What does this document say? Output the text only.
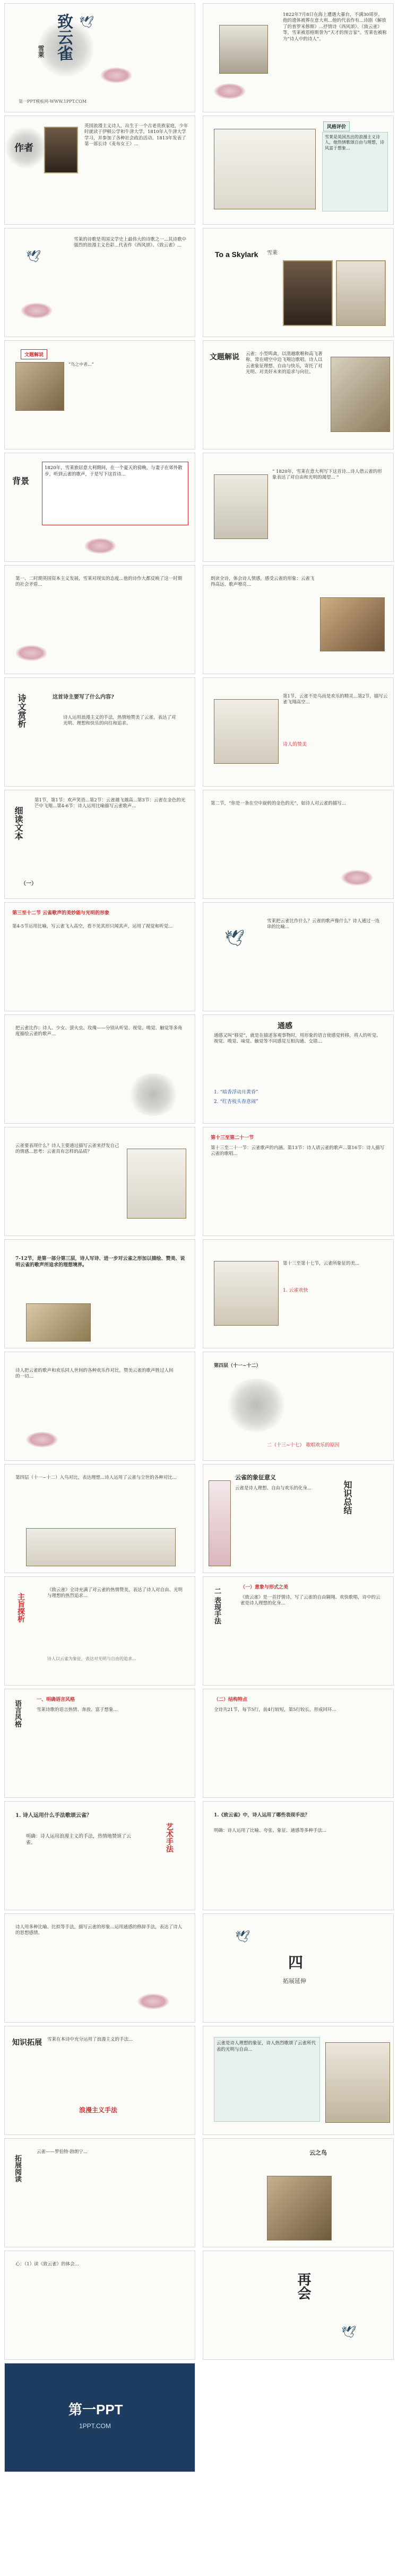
致云雀
雪莱
🕊
第一PPT模板网-WWW.1PPT.COM
1822年7月8日在海上遭遇大暴台，不满30周岁。他的遗体被葬在意大利...他的代表作有...诗剧《解放了的普罗米修斯》...抒情诗《西风颂》、《致云雀》等，雪莱被恩格斯誉为“天才的预言家”。雪莱也被称为“诗人中的诗人”。
作者
英国浪漫主义诗人，出生于一个古老贵族家庭，少年时就读于伊顿公学和牛津大学。1810年入牛津大学学习，并参加了各种社会政治活动。1813年发表了第一部长诗《麦布女王》...
风格评价
雪莱是英国杰出的浪漫主义诗人，他热情歌颂自由与理想，诗风富于想象...
雪莱的诗歌是英国文学史上最伟大的诗歌之一...其诗歌中强烈的浪漫主义色彩...代表作《西风颂》、《致云雀》...
🕊	To a Skylark 雪莱
文题解说
“鸟之中者...”
文题解说 云雀：小型鸣禽，以清越歌喉和高飞著称，常在晴空中边飞翔边歌唱。诗人以云雀象征理想、自由与快乐，寄托了对光明、对美好未来的追求与向往。
背景
1820年，雪莱旅居意大利期间，在一个夏天的傍晚，与妻子在郊外散步，听到云雀的歌声，于是写下这首诗...	“ 1820年，雪莱在意大利写下这首诗...诗人借云雀的形象表达了对自由和光明的渴望... ”
第一、二时期英国资本主义发展，雪莱对现实的态度...他的诗作大都反映了这一时期的社会矛盾...
朗读全诗，体会诗人情感，感受云雀的形象：云雀飞得高远、歌声嘹亮...
诗文赏析	这首诗主要写了什么内容?
诗人运用浪漫主义的手法，热情地赞美了云雀，表达了对光明、理想和快乐的向往和追求。
第1节，云雀不是鸟而是欢乐的精灵...第2节，描写云雀飞翔高空...
诗人的赞美
细读文本
第1节，第1节：欢声笑语...第2节：云雀越飞越高...第3节：云雀在金色的光芒中飞翔...第4-6节：诗人运用比喻描写云雀歌声...
（一）
第二节，“你是一条在空中旋转的金色的光”，如诗人对云雀的描写...
第三至十二节 云雀歌声的美妙能与光明的形象
第4-5节运用比喻，写云雀飞入高空，看不见其形只闻其声，运用了视觉和听觉...
雪莱把云雀比作什么？云雀的歌声像什么？诗人通过一连串的比喻...
🕊
把云雀比作：诗人、少女、萤火虫、玫瑰——分别从听觉、视觉、嗅觉、触觉等多角度描绘云雀的歌声...
通感
通感又叫“移觉”，就是在描述客观事物时，用形象的语言使感觉转移，将人的听觉、视觉、嗅觉、味觉、触觉等不同感觉互相沟通、交错...
1. “暗香浮动月黄昏”
2. “红杏枝头春意闹”
云雀要表现什么？诗人主要通过描写云雀来抒发自己的情感...思考：云雀具有怎样的品质？
第十三至第二十一节
第十三至二十一节：云雀歌声的内涵。第13节：诗人请云雀的歌声...第16节：诗人描写云雀的歌唱...
7-12节，是第一部分第三层，诗人写诗、进一步对云雀之形加以描绘、赞美、说明云雀的歌声所追求的理想境界。	第十三至第十七节，云雀所象征的美...
1. 云雀欢快
诗人把云雀的歌声和欢乐同人世间的各种欢乐作对比，赞美云雀的歌声胜过人间的一切...
第四层（十一~十二）
二（十三~十七） 歌唱欢乐的原因
第四层（十一~十二）入鸟对比，表达理想...诗人运用了云雀与尘世的各种对比...	云雀的象征意义
云雀是诗人理想、自由与欢乐的化身...	知识总结
主旨探析
《致云雀》全诗充满了对云雀的热情赞美，表达了诗人对自由、光明与理想的热烈追求...
诗人以云雀为象征，表达对光明与自由的追求...
二 表现手法	（一）意象与形式之美
《致云雀》是一首抒情诗，写了云雀的自由翱翔、欢快歌唱，诗中的云雀是诗人理想的化身...
语言风格	一、明确语言风格
雪莱诗歌的语言热情、奔放、富于想象...
（二）结构特点
全诗共21节，每节5行，前4行较短，第5行较长，形成回环...
1. 诗人运用什么手法歌颂云雀？
明确：诗人运用浪漫主义的手法，热情地赞颂了云雀。	艺术手法
1.《致云雀》中，诗人运用了哪些表现手法？
明确：诗人运用了比喻、夸张、象征、通感等多种手法...
诗人用多种比喻、比拟等手法，描写云雀的形象...运用通感的修辞手法，表达了诗人的思想感情。
四
拓展延伸
🕊
知识拓展 雪莱在本诗中充分运用了浪漫主义的手法...
浪漫主义手法
云雀是诗人理想的象征，诗人热烈歌颂了云雀所代表的光明与自由...
拓展阅读
云雀——罗伯特·勃朗宁...	云之鸟
心：（1）读《致云雀》的体会...
再会
🕊
第一PPT
1PPT.COM
